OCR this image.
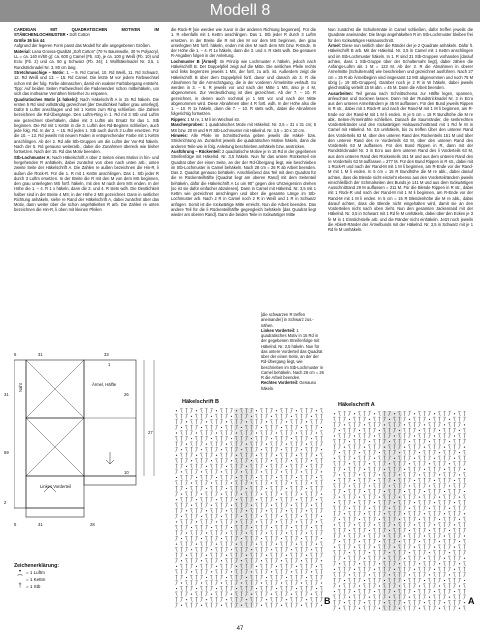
Modell 8

CARDIGAN MIT QUADRATISCHEN MOTIVEN IM STÄBCHENLOCHMUSTER • Soft Cotton

Größe 36 bis 44

Aufgrund der legeren Form passt das Modell für alle angegebenen Größen.

Material: Lana Grossa-Qualität „Soft Cotton“ (70 % Baumwolle, 30 % Polyacryl, LL = ca. 140 m/50 g): ca. 600 g Camel (Fb. 43), je ca. 100 g Weiß (Fb. 10) und Ecru (Fb. 2) und ca. 50 g Schwarz (Fb. 34); 1 Wollhäkelnadel Nr. 3,5, 1 Rundstricknadel Nr. 3, 80 cm lang.

Stretchmaschige – Motiv: 1. – 9. Rd Camel, 10. Rd Weiß, 11. Rd Schwarz, 12. Rd Weiß und 13. – 15. Rd Camel. Die letzte M vor jedem Farbwechsel schon mit der folg. Farbe abmaschen, damit ein exakter Farbübergang entsteht. Tipp: Auf beiden Seiten Farbwechsel die Fadenenden schon mitbehäkeln, um sich das mühsame Vernähen hinterher zu ersparen.

Quadratisches Motiv [4 häkeln]: Nach Häkelschrift A in 15 Rd häkeln. Die ersten 5 Rd sind vollständig gezeichnet [der Deutlichkeit halber grau unterlegt]. Dafür 5 Luftm anschlagen und mit 1 Kettm zum Ring schließen. Die Zahlen bezeichnen die Rd-Übergänge. Den Luftm-Ring in 1. Rd mit 3 Stb und Luftm wie gezeichnet überhäkeln, dabei mit 3 Luftm als Ersatz für das 1. Stb beginnen. Die Rd mit 1 Kettm in die 3. Luftm des Rd-Beginns schließen, auch jede folg. Rd. In der 2. – 15. Rd jedes 1. Stb auch durch 3 Luftm ersetzen. Für die 10. – 13. Rd jeweils mit neuem Faden in entsprechender Farbe mit 1 Kettm anschlingen. Ab der 2. Rd alle Stb-Gruppen um die Luftm der Vor-Rd häkeln. Nach der 5. Rd genauso weiterarb., dabei die Zunahmen übereck wie bisher fortsetzen. Nach der 15. Rd das Motiv beenden.

Stb-Lochmuster A: Nach Häkelschrift A über 2 Seiten eines Motivs in hin- und hergehenden R anhäkeln, dabei zunächst von oben nach unten arb., unten zweite Seite der Häkelschrift A. Die Zahlen re außen bezeichnen die Hin-R, li außen die Rück-R. Für die 1. R mit 1 Kettm anschlingen. Das 1. Stb jeder R durch 3 Luftm ersetzen. In der Breite die R mit den M von dem MS beginnen, den grau unterlegten MS fortf. häkeln, mit den M nach dem MS enden. In der Höhe die 1. – 4. R 1 x häkeln, dann die 3. und 4. R stets wdh. Die Deutlichkeit halber sind in der Breite 4 MS; in der Höhe 2 MS gezeichnet. Dann in seitlicher Richtung anhäkeln, siehe re Rand der Häkelschrift A, dabei zunächst über das Motiv, dann weiter über die schon angehäkelten R arb. Die Zahlen re unten bezeichnen die Hin-R, li oben mit kleinen Pfeilen

die Rück-R [sie werden wie zuvor in der anderen Richtung begonnen]. Für die 1. R ebenfalls mit 1 Kettm anschlingen. Das 1. Stb jeder R durch 3 Luftm ersetzen. In der Breite die R mit den M vor dem MS beginnen, den grau unterlegten MS fortf. häkeln, enden mit den M nach dem MS bzw. R-Ende. In der Höhe die 1. – 4. R 1x häkeln, dann die 3. und 4. R stets wdh. Die genauen R-Angaben folgen in der Anleitung.

Lochmuster B [Ärmel]: Im Prinzip wie Lochmuster A häkeln, jedoch nach Häkelschrift B. Der Doppelpfeil zeigt auf die Mitte. Die seitlichen Pfeile rechts und links begrenzen jeweils 1 MS, der fortl. zu arb. ist. Außerdem zeigt die Häkelschrift B über dem Doppelpfeil fortl. davor und danach ab 3. R die Abnahmen für die Armschrägung, die in der vorderen Ärmelmitte verläuft. So werden in 3. – 6. R jeweils vor und nach der Mitte 1 MS, also je 4 M, abgenommen. Zur Verdeutlichung ist dies gezeichnet. Ab der 7. – 10. R gezeichnet, in denen auch nochmal je 1 MS vor und nach der Mitte abgenommen wird. Diese Abnahmen über 4 R fortl. wdh. In der Höhe also die 1. – 10. R 1x häkeln, dann die 7. – 10. R stets wdh., dabei die Abnahmen folgerichtig fortsetzen.

Rippen: 1 M re, 1 M li im Wechsel str.

Maschenproben: 1 quadratisches Motiv mit Häkelnd. Nr. 3,5 = 31 x 31 cm; 5 MS bzw. 20 M und 9 R Stb-Lochmuster mit Häkelnd. Nr. 3,5 = 10 x 10 cm.

Hinweis: Alle Pfeile im Schnittschema geben jeweils die Häkel- bzw. Strickrichtung an. Zunächst jeweils die quadratischen Motive häkeln, dann die anderen Teile wie in folg. Anleitung beschrieben anhäkeln bzw. anstricken.

Ausführung – Rückenteil: 2 quadratische Motive je in 15 Rd in der gegebenen Streifenfolge mit Häkelnd. Nr. 3,5 häkeln. Nun für das untere Rückenteil ein Quadrat über der einen Seite, an der der Rd-Übergang liegt, wie beschrieben im Stb-Lochmuster in Camel behäkeln. Nach 28 cm = 26 R ab Arbeit beenden. Das 2. Quadrat genauso behäkeln. Anschließend das Teil mit dem Quadrat für die re Rückenteilhälfte [Quadrat liegt am oberen Rand] mit dem Seitenteil behäkeln, dafür die Häkelschrift A 1x um 90° gegen den Uhrzeigersinn drehen [so ist sie dafür einfacher abzulesen]. Dann in Camel mit Häkelnd. Nr. 3,5 mit 1 Kettm wie gezeichnet anschlingen und über die gesamte Länge im Stb-Lochmuster arb. Nach 2 R in Camel noch 2 R in Weiß und 1 R in Schwarz anfügen. Somit ist die rückwärtige Mitte erreicht. Nun die Arbeit beenden. Das andere Teil für die li Rückenteilhälfte gegengleich behäkeln [das Quadrat liegt wieder am oberen Rand]. Dann die beiden Teile in rückwärtiger Mitte

Nun zunächst die Schultermäte in Camel schließen, dafür treffen jeweils die Quadrate aneinander. Die längs angehäkelten R im Stb-Lochmuster bleiben frei für den rückwärtigen Halsausschnitt.

Ärmel: Diese nun seitlich über die Ränder der je 2 Quadrate anhäkeln. Dafür lt. Häkelschrift B arb. Mit der Häkelnd. Nr. 3,5 in Camel mit 1 Kettm anschlingen und im Stb-Lochmuster häkeln. In 1. R sind 31 Stb-Gruppen vorhanden [darauf achten, dass 1 Stb-Gruppe über der Schulternaht liegt], dabei zählen die Anfangs-Luftm als 1 M = 123 M. Ab der 3. R die Abnahmen in oberer Ärmelmitte [Schulternaht] wie beschrieben und gezeichnet ausführen. Nach 27 cm = 25 R ab Ärmelbeginn sind insgesamt 12 MS abgenommen und noch 75 M übrig [= 19 Stb-Gruppen]. Darüber noch je 2 R in W häkeln, dabei jeweils gleichmäßig verteilt 15 M abn. = 45 M. Dann die Arbeit beenden.

Ausarbeiten: Teil genau nach Schnittschema zur Hälfte legen, spannen, anfeuchten und trocknen lassen. Dann mit der Rundstricknadel Nr. 3 in Ecru aus den unteren Armelrändern je 45 M auffassen. Für den Bund jeweils Rippen in R str., dabei mit 1 Rück-R und nach der Rand-M mit 1 M li beginnen, am R-Ende vor der Rand-M mit 1 M li enden. In je 5 cm = 15 R Bundhöhe die M re abk. Seiten-/Ärmelnähte schließen. Danach die Saumränder, die senkrechten Vorderteilränder und den rückwärtigen Halsausschnittrand mit 1 Rd fe M in Camel mit Häkelnd. Nr. 3,5 umhäkeln, bis zu treffen Über den unteren Rand des Vorderteils 63 M, über den unteren Rand des Rückenteils 151 M und über den unteren Rand des re Vorderteils 63 M, über den unteren Rand des Vorderteils 63 M auffassen. Für den Bund Rippen in R, dann mit der Rundstricknadel Nr. 3 in Ecru aus dem unteren Rand des li Vorderteils 63 M, aus dem unteren Rand des Rückenteils 151 M und aus dem unteren Rand des re Vorderteils 63 M auffassen = 277 M. Für den Bund Rippen in R str., dabei mit 1 Rück-R und nach der Rand-M mit 1 M li beginnen, am R-Ende vor der Rand-M mit 1 M li enden. In 5 cm = 15 R Bundhöhe die M re abk., dabei darauf achten, dass die Blende nicht einzieht ebenso aus den Vorderteilrändern jeweils einschließlich der Schmalseiten des Bunds je 141 M und aus dem rückwärtigen Ausschnittrand 29 M auffassen = 311 M. Für die Blende Rippen in R str., dabei mit 1 Rück-R und nach der Rand-M mit 1 M li beginnen, am R-Ende vor der Rand-M mit 1 M li enden. In 5 cm = 15 R Blendenhöhe die M re abk., dabei darauf achten, dass die Blende nicht eingehalten wird, damit sie an den Vorderteilen nicht nach oben zieht. Nun den gesamten Jackenrand mit der Häkelnd. Nr. 3,5 in Schwarz mit 1 Rd fe M umhäkeln, dabei über den Ecken je 3 fe M in 1 Einstichstelle arb. und die Ränder nicht einhäkeln. Jetzt noch jeweils die Abkett-Ränder der Ärmelbunds mit der Häkelnd. Nr. 3,5 in Schwarz mit je 1 Rd fe M umhäkeln.

5	31	33
31
59
2
Naht	Ärmel, Hälfte
Linkes Vorderteil
5	31	28
26
10
27
1

[die schwarzen R treffen aneinander] in Schwarz zus.-nähen.

Linkes Vorderteil: 1 quadratisches Motiv in 15 Rd in der gegebenen Streifenfolge mit Häkelnd. Nr. 3,5 häkeln. Nun für das untere Vorderteil das Quadrat über der einen Seite, an der der Rd-Übergang liegt, wie beschrieben im Stb-Lochmuster in Camel behäkeln. Nach 28 cm = 26 R die Arbeit beenden.

Rechtes Vorderteil: Genauso häkeln.

Häkelschrift A
Häkelschrift B
B	A
Zeichenerklärung:
•	= 1 Luftm
⁀ = 1 Kettm
† = 1 Stb
47
